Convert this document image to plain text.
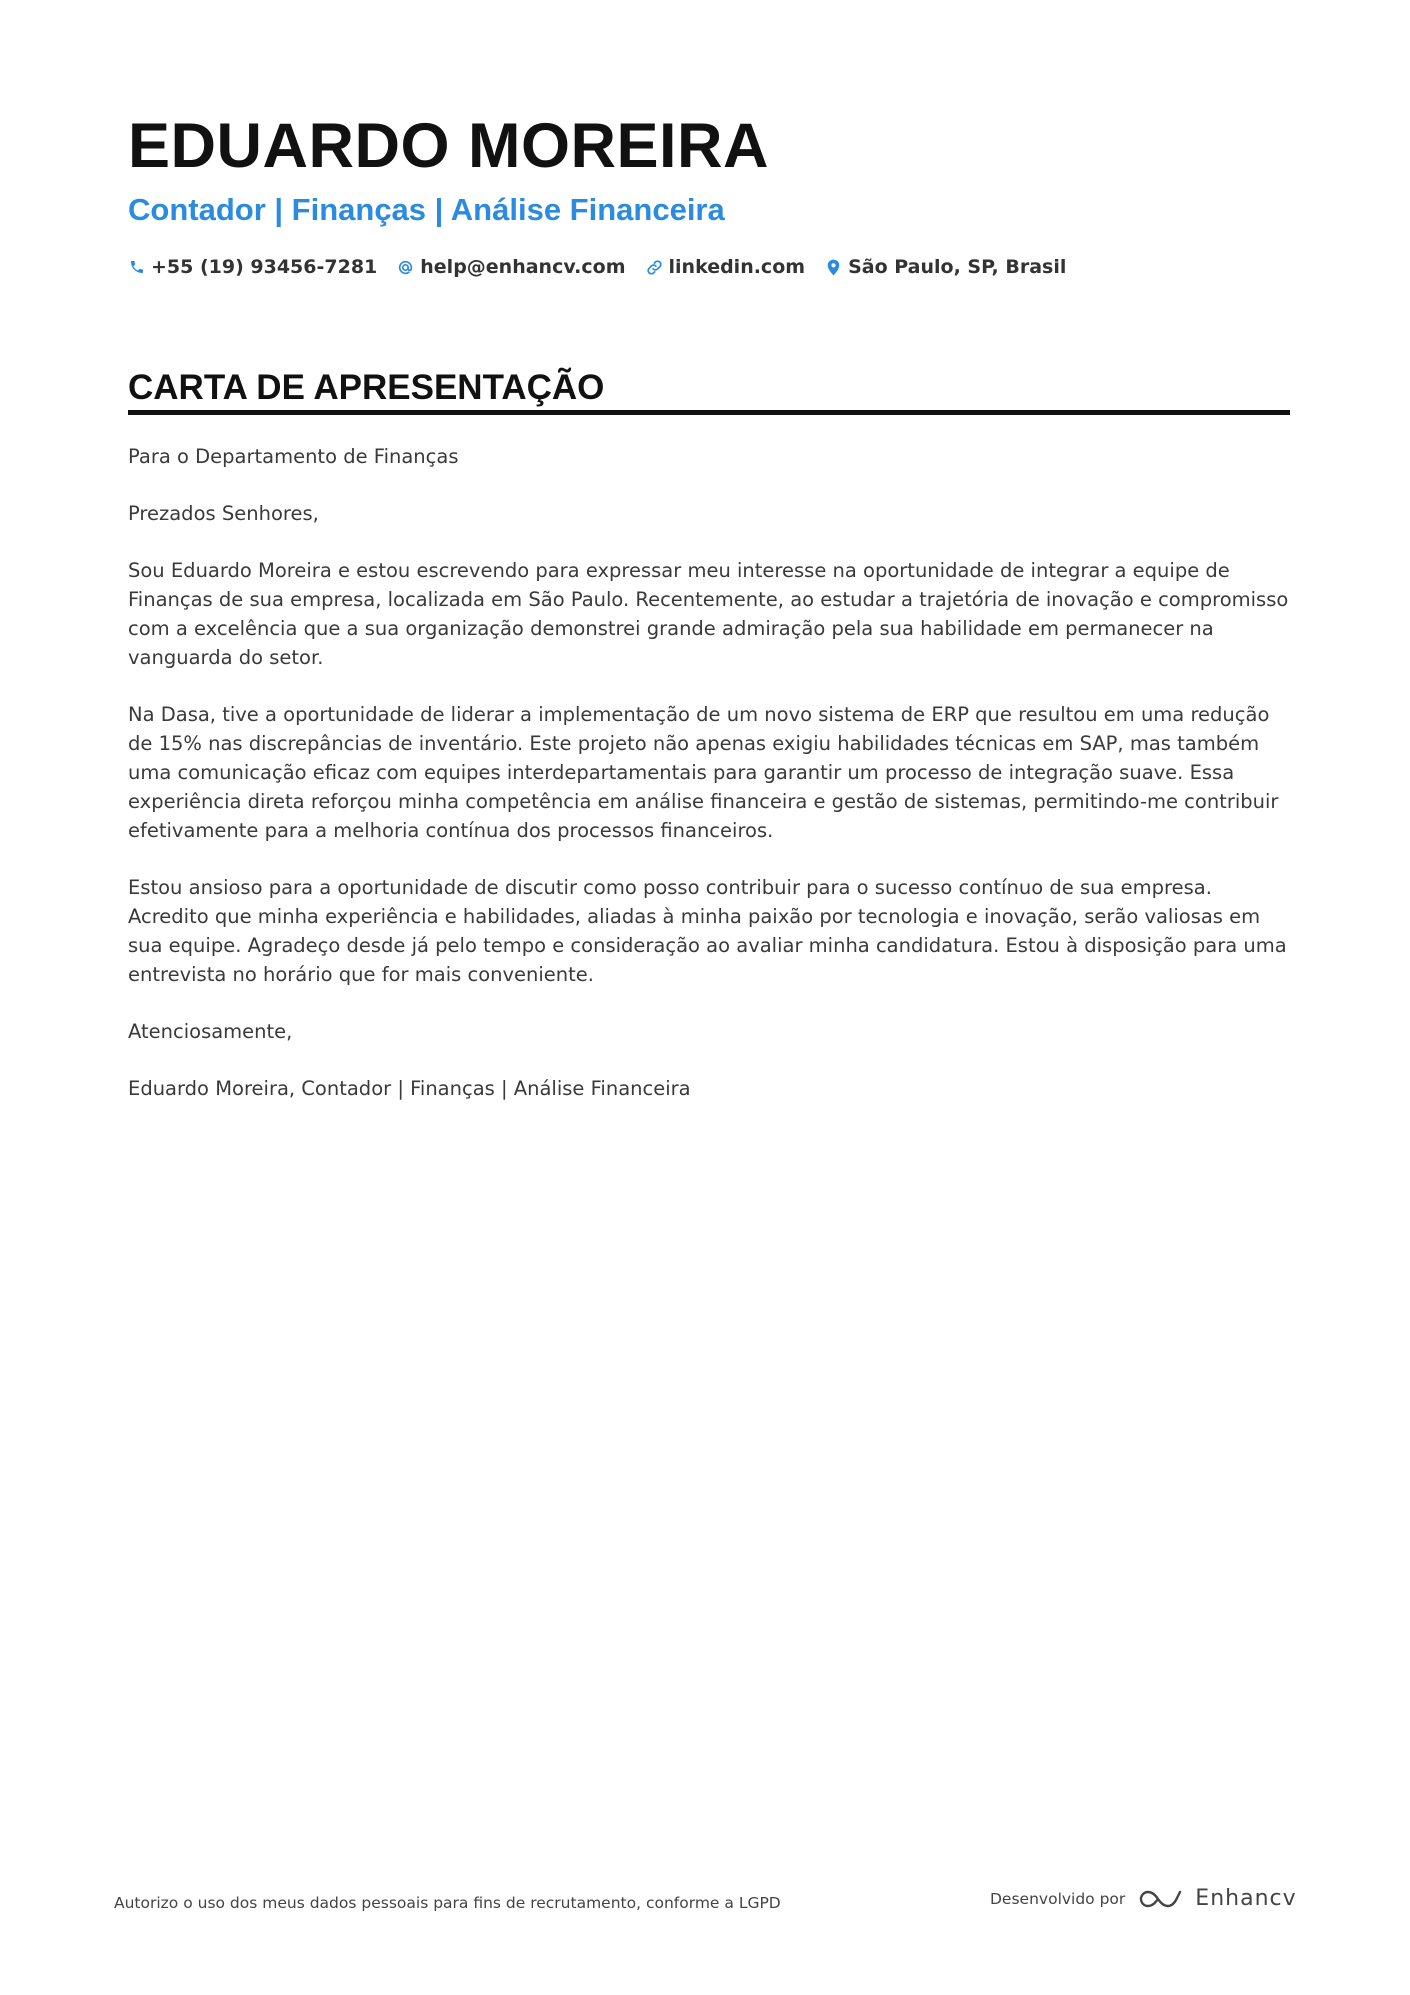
EDUARDO MOREIRA
Contador | Finanças | Análise Financeira
+55 (19) 93456-7281 help@enhancv.com linkedin.com São Paulo, SP, Brasil
CARTA DE APRESENTAÇÃO

Para o Departamento de Finanças

Prezados Senhores,

Sou Eduardo Moreira e estou escrevendo para expressar meu interesse na oportunidade de integrar a equipe de Finanças de sua empresa, localizada em São Paulo. Recentemente, ao estudar a trajetória de inovação e compromisso com a excelência que a sua organização demonstrei grande admiração pela sua habilidade em permanecer na vanguarda do setor.

Na Dasa, tive a oportunidade de liderar a implementação de um novo sistema de ERP que resultou em uma redução de 15% nas discrepâncias de inventário. Este projeto não apenas exigiu habilidades técnicas em SAP, mas também uma comunicação eficaz com equipes interdepartamentais para garantir um processo de integração suave. Essa experiência direta reforçou minha competência em análise financeira e gestão de sistemas, permitindo-me contribuir efetivamente para a melhoria contínua dos processos financeiros.

Estou ansioso para a oportunidade de discutir como posso contribuir para o sucesso contínuo de sua empresa. Acredito que minha experiência e habilidades, aliadas à minha paixão por tecnologia e inovação, serão valiosas em sua equipe. Agradeço desde já pelo tempo e consideração ao avaliar minha candidatura. Estou à disposição para uma entrevista no horário que for mais conveniente.

Atenciosamente,

Eduardo Moreira, Contador | Finanças | Análise Financeira

Autorizo o uso dos meus dados pessoais para fins de recrutamento, conforme a LGPD	Desenvolvido por	Enhancv
